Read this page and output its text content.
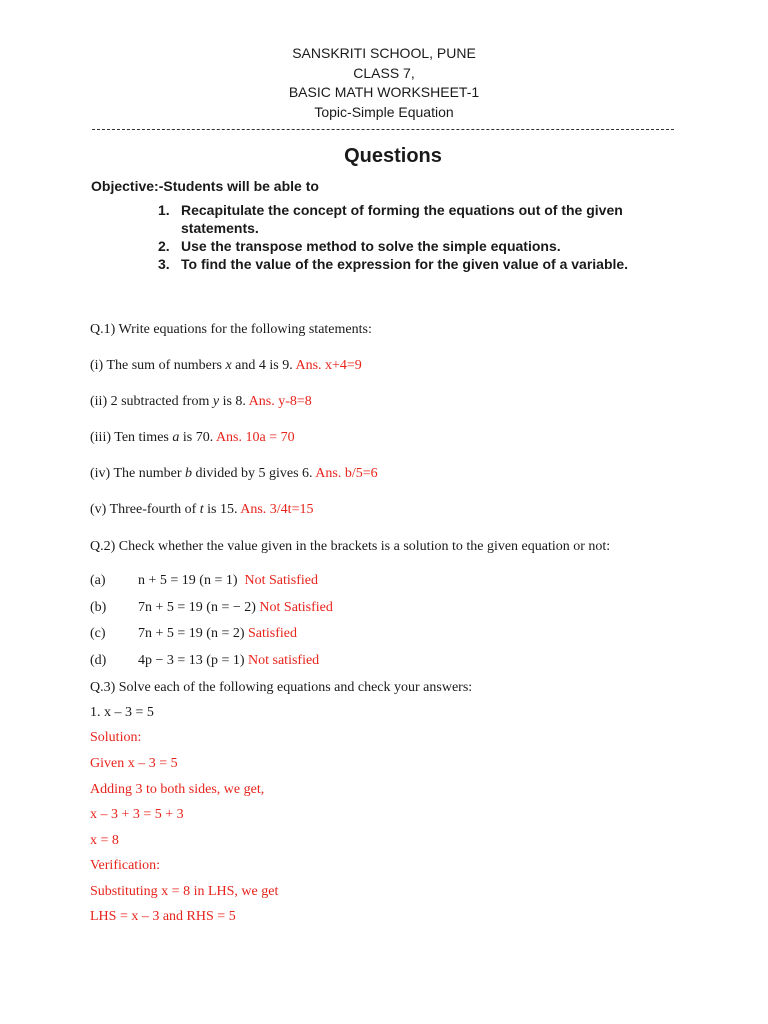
SANSKRITI SCHOOL, PUNE
CLASS 7,
BASIC MATH WORKSHEET-1
Topic-Simple Equation
Questions
Objective:-Students will be able to
1. Recapitulate the concept of forming the equations out of the given
statements.
2. Use the transpose method to solve the simple equations.
3. To find the value of the expression for the given value of a variable.
Q.1) Write equations for the following statements:
(i) The sum of numbers x and 4 is 9. Ans. x+4=9
(ii) 2 subtracted from y is 8. Ans. y-8=8
(iii) Ten times a is 70. Ans. 10a = 70
(iv) The number b divided by 5 gives 6. Ans. b/5=6
(v) Three-fourth of t is 15. Ans. 3/4t=15
Q.2) Check whether the value given in the brackets is a solution to the given equation or not:
(a) n + 5 = 19 (n = 1) Not Satisfied
(b) 7n + 5 = 19 (n = − 2) Not Satisfied
(c) 7n + 5 = 19 (n = 2) Satisfied
(d) 4p − 3 = 13 (p = 1) Not satisfied
Q.3) Solve each of the following equations and check your answers:
1. x – 3 = 5
Solution:
Given x – 3 = 5
Adding 3 to both sides, we get,
x – 3 + 3 = 5 + 3
x = 8
Verification:
Substituting x = 8 in LHS, we get
LHS = x – 3 and RHS = 5
